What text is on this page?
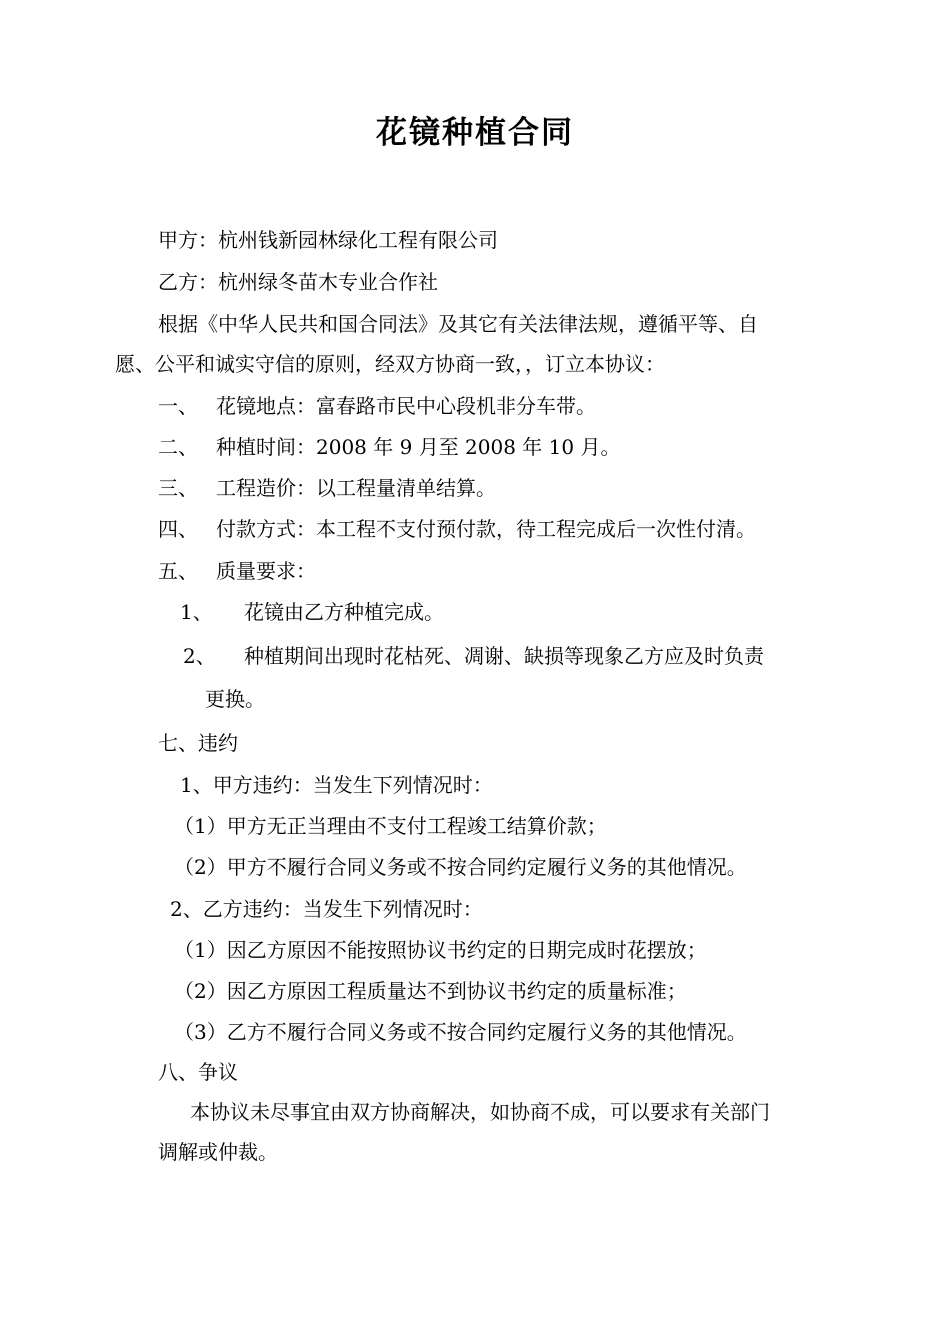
花镜种植合同
甲方：杭州钱新园林绿化工程有限公司
乙方：杭州绿冬苗木专业合作社
根据《中华人民共和国合同法》及其它有关法律法规，遵循平等、自
愿、公平和诚实守信的原则，经双方协商一致，，订立本协议：
一、 花镜地点：富春路市民中心段机非分车带。
二、 种植时间：2008 年 9 月至 2008 年 10 月。
三、 工程造价：以工程量清单结算。
四、 付款方式：本工程不支付预付款，待工程完成后一次性付清。
五、 质量要求：
1、 花镜由乙方种植完成。
2、 种植期间出现时花枯死、凋谢、缺损等现象乙方应及时负责
更换。
七、违约
1、甲方违约：当发生下列情况时：
（1）甲方无正当理由不支付工程竣工结算价款；
（2）甲方不履行合同义务或不按合同约定履行义务的其他情况。
2、乙方违约：当发生下列情况时：
（1）因乙方原因不能按照协议书约定的日期完成时花摆放；
（2）因乙方原因工程质量达不到协议书约定的质量标准；
（3）乙方不履行合同义务或不按合同约定履行义务的其他情况。
八、争议
本协议未尽事宜由双方协商解决，如协商不成，可以要求有关部门
调解或仲裁。
